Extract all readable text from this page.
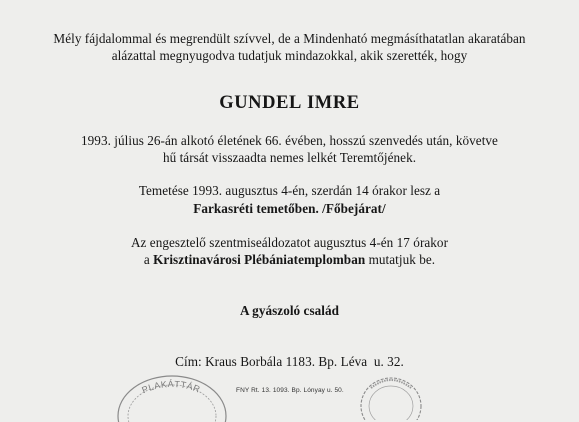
Mély fájdalommal és megrendült szívvel, de a Mindenható megmásíthatatlan akaratában
alázattal megnyugodva tudatjuk mindazokkal, akik szerették, hogy
GUNDEL IMRE
1993. július 26-án alkotó életének 66. évében, hosszú szenvedés után, követve
hű társát visszaadta nemes lelkét Teremtőjének.
Temetése 1993. augusztus 4-én, szerdán 14 órakor lesz a
Farkasréti temetőben. /Főbejárat/
Az engesztelő szentmiseáldozatot augusztus 4-én 17 órakor
a Krisztinavárosi Plébániatemplomban mutatjuk be.
A gyászoló család
Cím: Kraus Borbála 1183. Bp. Léva  u. 32.
PLAKÁTTÁR	FNY Rt. 13. 1093. Bp. Lónyay u. 50.
